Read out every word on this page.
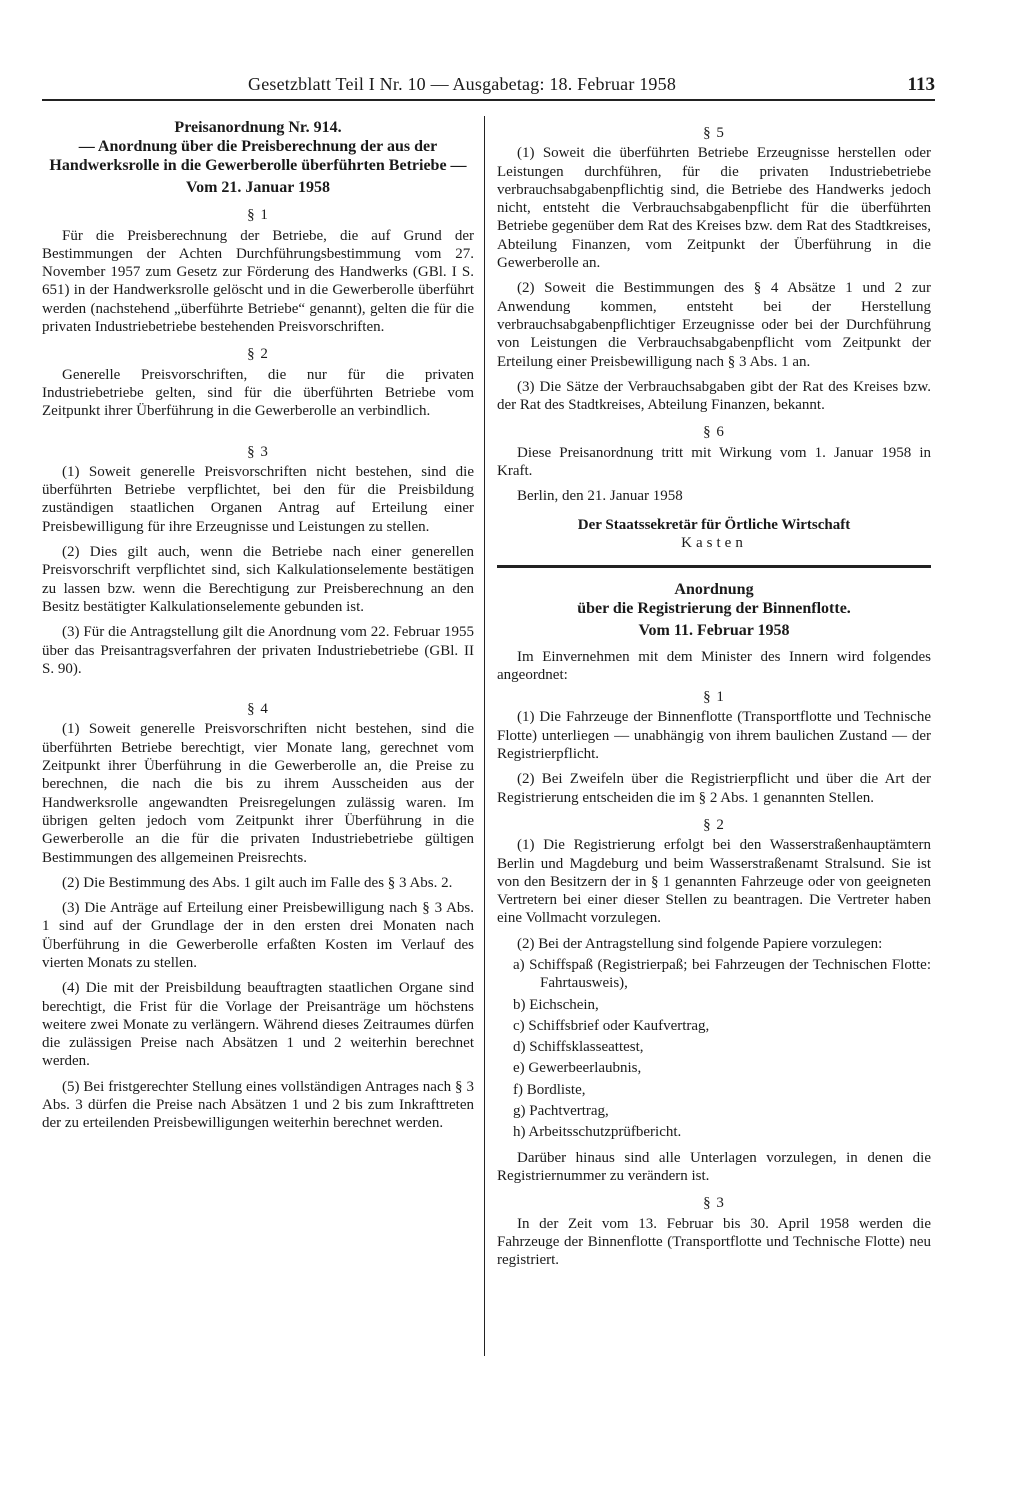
Gesetzblatt Teil I Nr. 10 — Ausgabetag: 18. Februar 1958	113

Preisanordnung Nr. 914.

— Anordnung über die Preisberechnung der aus der Handwerksrolle in die Gewerberolle überführten Betriebe —

Vom 21. Januar 1958

§ 1

Für die Preisberechnung der Betriebe, die auf Grund der Bestimmungen der Achten Durchführungsbestimmung vom 27. November 1957 zum Gesetz zur Förderung des Handwerks (GBl. I S. 651) in der Handwerksrolle gelöscht und in die Gewerberolle überführt werden (nachstehend „überführte Betriebe“ genannt), gelten die für die privaten Industriebetriebe bestehenden Preisvorschriften.

§ 2

Generelle Preisvorschriften, die nur für die privaten Industriebetriebe gelten, sind für die überführten Betriebe vom Zeitpunkt ihrer Überführung in die Gewerberolle an verbindlich.

§ 3

(1) Soweit generelle Preisvorschriften nicht bestehen, sind die überführten Betriebe verpflichtet, bei den für die Preisbildung zuständigen staatlichen Organen Antrag auf Erteilung einer Preisbewilligung für ihre Erzeugnisse und Leistungen zu stellen.

(2) Dies gilt auch, wenn die Betriebe nach einer generellen Preisvorschrift verpflichtet sind, sich Kalkulationselemente bestätigen zu lassen bzw. wenn die Berechtigung zur Preisberechnung an den Besitz bestätigter Kalkulationselemente gebunden ist.

(3) Für die Antragstellung gilt die Anordnung vom 22. Februar 1955 über das Preisantragsverfahren der privaten Industriebetriebe (GBl. II S. 90).

§ 4

(1) Soweit generelle Preisvorschriften nicht bestehen, sind die überführten Betriebe berechtigt, vier Monate lang, gerechnet vom Zeitpunkt ihrer Überführung in die Gewerberolle an, die Preise zu berechnen, die nach die bis zu ihrem Ausscheiden aus der Handwerksrolle angewandten Preisregelungen zulässig waren. Im übrigen gelten jedoch vom Zeitpunkt ihrer Überführung in die Gewerberolle an die für die privaten Industriebetriebe gültigen Bestimmungen des allgemeinen Preisrechts.

(2) Die Bestimmung des Abs. 1 gilt auch im Falle des § 3 Abs. 2.

(3) Die Anträge auf Erteilung einer Preisbewilligung nach § 3 Abs. 1 sind auf der Grundlage der in den ersten drei Monaten nach Überführung in die Gewerberolle erfaßten Kosten im Verlauf des vierten Monats zu stellen.

(4) Die mit der Preisbildung beauftragten staatlichen Organe sind berechtigt, die Frist für die Vorlage der Preisanträge um höchstens weitere zwei Monate zu verlängern. Während dieses Zeitraumes dürfen die zulässigen Preise nach Absätzen 1 und 2 weiterhin berechnet werden.

(5) Bei fristgerechter Stellung eines vollständigen Antrages nach § 3 Abs. 3 dürfen die Preise nach Absätzen 1 und 2 bis zum Inkrafttreten der zu erteilenden Preisbewilligungen weiterhin berechnet werden.

§ 5

(1) Soweit die überführten Betriebe Erzeugnisse herstellen oder Leistungen durchführen, für die privaten Industriebetriebe verbrauchsabgabenpflichtig sind, die Betriebe des Handwerks jedoch nicht, entsteht die Verbrauchsabgabenpflicht für die überführten Betriebe gegenüber dem Rat des Kreises bzw. dem Rat des Stadtkreises, Abteilung Finanzen, vom Zeitpunkt der Überführung in die Gewerberolle an.

(2) Soweit die Bestimmungen des § 4 Absätze 1 und 2 zur Anwendung kommen, entsteht bei der Herstellung verbrauchsabgabenpflichtiger Erzeugnisse oder bei der Durchführung von Leistungen die Verbrauchsabgabenpflicht vom Zeitpunkt der Erteilung einer Preisbewilligung nach § 3 Abs. 1 an.

(3) Die Sätze der Verbrauchsabgaben gibt der Rat des Kreises bzw. der Rat des Stadtkreises, Abteilung Finanzen, bekannt.

§ 6

Diese Preisanordnung tritt mit Wirkung vom 1. Januar 1958 in Kraft.

Berlin, den 21. Januar 1958

Der Staatssekretär für Örtliche Wirtschaft

Kasten

Anordnung

über die Registrierung der Binnenflotte.

Vom 11. Februar 1958

Im Einvernehmen mit dem Minister des Innern wird folgendes angeordnet:

§ 1

(1) Die Fahrzeuge der Binnenflotte (Transportflotte und Technische Flotte) unterliegen — unabhängig von ihrem baulichen Zustand — der Registrierpflicht.

(2) Bei Zweifeln über die Registrierpflicht und über die Art der Registrierung entscheiden die im § 2 Abs. 1 genannten Stellen.

§ 2

(1) Die Registrierung erfolgt bei den Wasserstraßenhauptämtern Berlin und Magdeburg und beim Wasserstraßenamt Stralsund. Sie ist von den Besitzern der in § 1 genannten Fahrzeuge oder von geeigneten Vertretern bei einer dieser Stellen zu beantragen. Die Vertreter haben eine Vollmacht vorzulegen.

(2) Bei der Antragstellung sind folgende Papiere vorzulegen:

a) Schiffspaß (Registrierpaß; bei Fahrzeugen der Technischen Flotte: Fahrtausweis),
b) Eichschein,
c) Schiffsbrief oder Kaufvertrag,
d) Schiffsklasseattest,
e) Gewerbeerlaubnis,
f) Bordliste,
g) Pachtvertrag,
h) Arbeitsschutzprüfbericht.

Darüber hinaus sind alle Unterlagen vorzulegen, in denen die Registriernummer zu verändern ist.

§ 3

In der Zeit vom 13. Februar bis 30. April 1958 werden die Fahrzeuge der Binnenflotte (Transportflotte und Technische Flotte) neu registriert.
